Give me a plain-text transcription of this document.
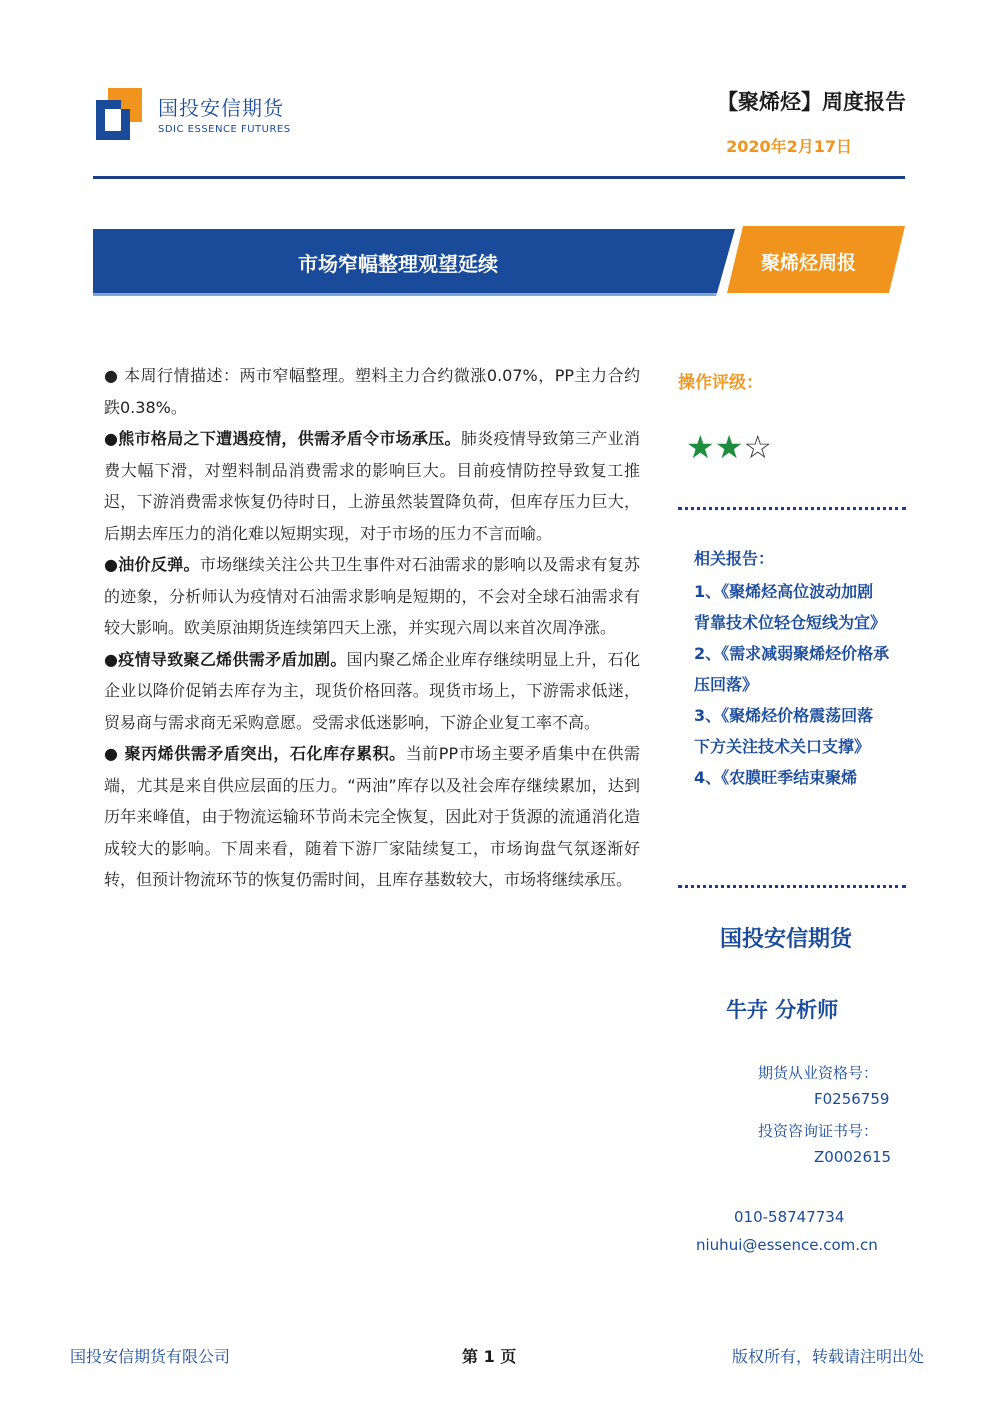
国投安信期货
SDIC ESSENCE FUTURES
【聚烯烃】周度报告
2020年2月17日
市场窄幅整理观望延续	聚烯烃周报

● 本周行情描述：两市窄幅整理。塑料主力合约微涨0.07%，PP主力合约跌0.38%。

●熊市格局之下遭遇疫情，供需矛盾令市场承压。肺炎疫情导致第三产业消费大幅下滑，对塑料制品消费需求的影响巨大。目前疫情防控导致复工推迟，下游消费需求恢复仍待时日，上游虽然装置降负荷，但库存压力巨大，后期去库压力的消化难以短期实现，对于市场的压力不言而喻。

●油价反弹。市场继续关注公共卫生事件对石油需求的影响以及需求有复苏的迹象，分析师认为疫情对石油需求影响是短期的，不会对全球石油需求有较大影响。欧美原油期货连续第四天上涨，并实现六周以来首次周净涨。

●疫情导致聚乙烯供需矛盾加剧。国内聚乙烯企业库存继续明显上升，石化企业以降价促销去库存为主，现货价格回落。现货市场上，下游需求低迷，贸易商与需求商无采购意愿。受需求低迷影响，下游企业复工率不高。

● 聚丙烯供需矛盾突出，石化库存累积。当前PP市场主要矛盾集中在供需端，尤其是来自供应层面的压力。“两油”库存以及社会库存继续累加，达到历年来峰值，由于物流运输环节尚未完全恢复，因此对于货源的流通消化造成较大的影响。下周来看，随着下游厂家陆续复工，市场询盘气氛逐渐好转，但预计物流环节的恢复仍需时间，且库存基数较大，市场将继续承压。

操作评级：
★★☆
相关报告：
1、《聚烯烃高位波动加剧 背靠技术位轻仓短线为宜》
2、《需求减弱聚烯烃价格承压回落》
3、《聚烯烃价格震荡回落 下方关注技术关口支撑》
4、《农膜旺季结束聚烯
国投安信期货
牛卉 分析师
期货从业资格号：
F0256759
投资咨询证书号：
Z0002615
010-58747734
niuhui@essence.com.cn
国投安信期货有限公司	第 1 页	版权所有，转载请注明出处
